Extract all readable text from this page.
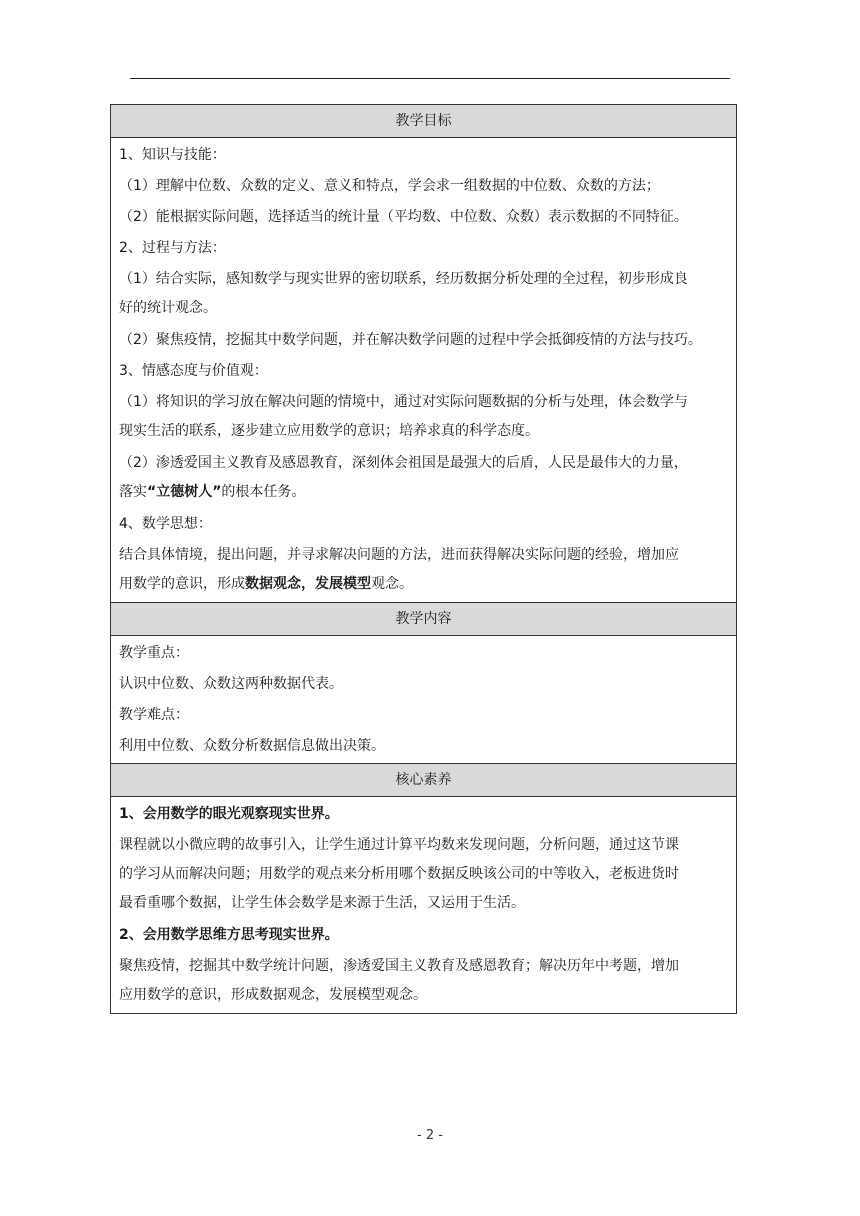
教学目标

1、知识与技能：
（1）理解中位数、众数的定义、意义和特点，学会求一组数据的中位数、众数的方法；
（2）能根据实际问题，选择适当的统计量（平均数、中位数、众数）表示数据的不同特征。
2、过程与方法：
（1）结合实际，感知数学与现实世界的密切联系，经历数据分析处理的全过程，初步形成良
好的统计观念。
（2）聚焦疫情，挖掘其中数学问题，并在解决数学问题的过程中学会抵御疫情的方法与技巧。
3、情感态度与价值观：
（1）将知识的学习放在解决问题的情境中，通过对实际问题数据的分析与处理，体会数学与
现实生活的联系，逐步建立应用数学的意识；培养求真的科学态度。
（2）渗透爱国主义教育及感恩教育，深刻体会祖国是最强大的后盾，人民是最伟大的力量，
落实“立德树人”的根本任务。
4、数学思想：
结合具体情境，提出问题，并寻求解决问题的方法，进而获得解决实际问题的经验，增加应
用数学的意识，形成数据观念，发展模型观念。

教学内容

教学重点：
认识中位数、众数这两种数据代表。
教学难点：
利用中位数、众数分析数据信息做出决策。

核心素养

1、会用数学的眼光观察现实世界。
课程就以小微应聘的故事引入，让学生通过计算平均数来发现问题，分析问题，通过这节课
的学习从而解决问题；用数学的观点来分析用哪个数据反映该公司的中等收入，老板进货时
最看重哪个数据，让学生体会数学是来源于生活，又运用于生活。
2、会用数学思维方思考现实世界。
聚焦疫情，挖掘其中数学统计问题，渗透爱国主义教育及感恩教育；解决历年中考题，增加
应用数学的意识，形成数据观念，发展模型观念。
- 2 -
